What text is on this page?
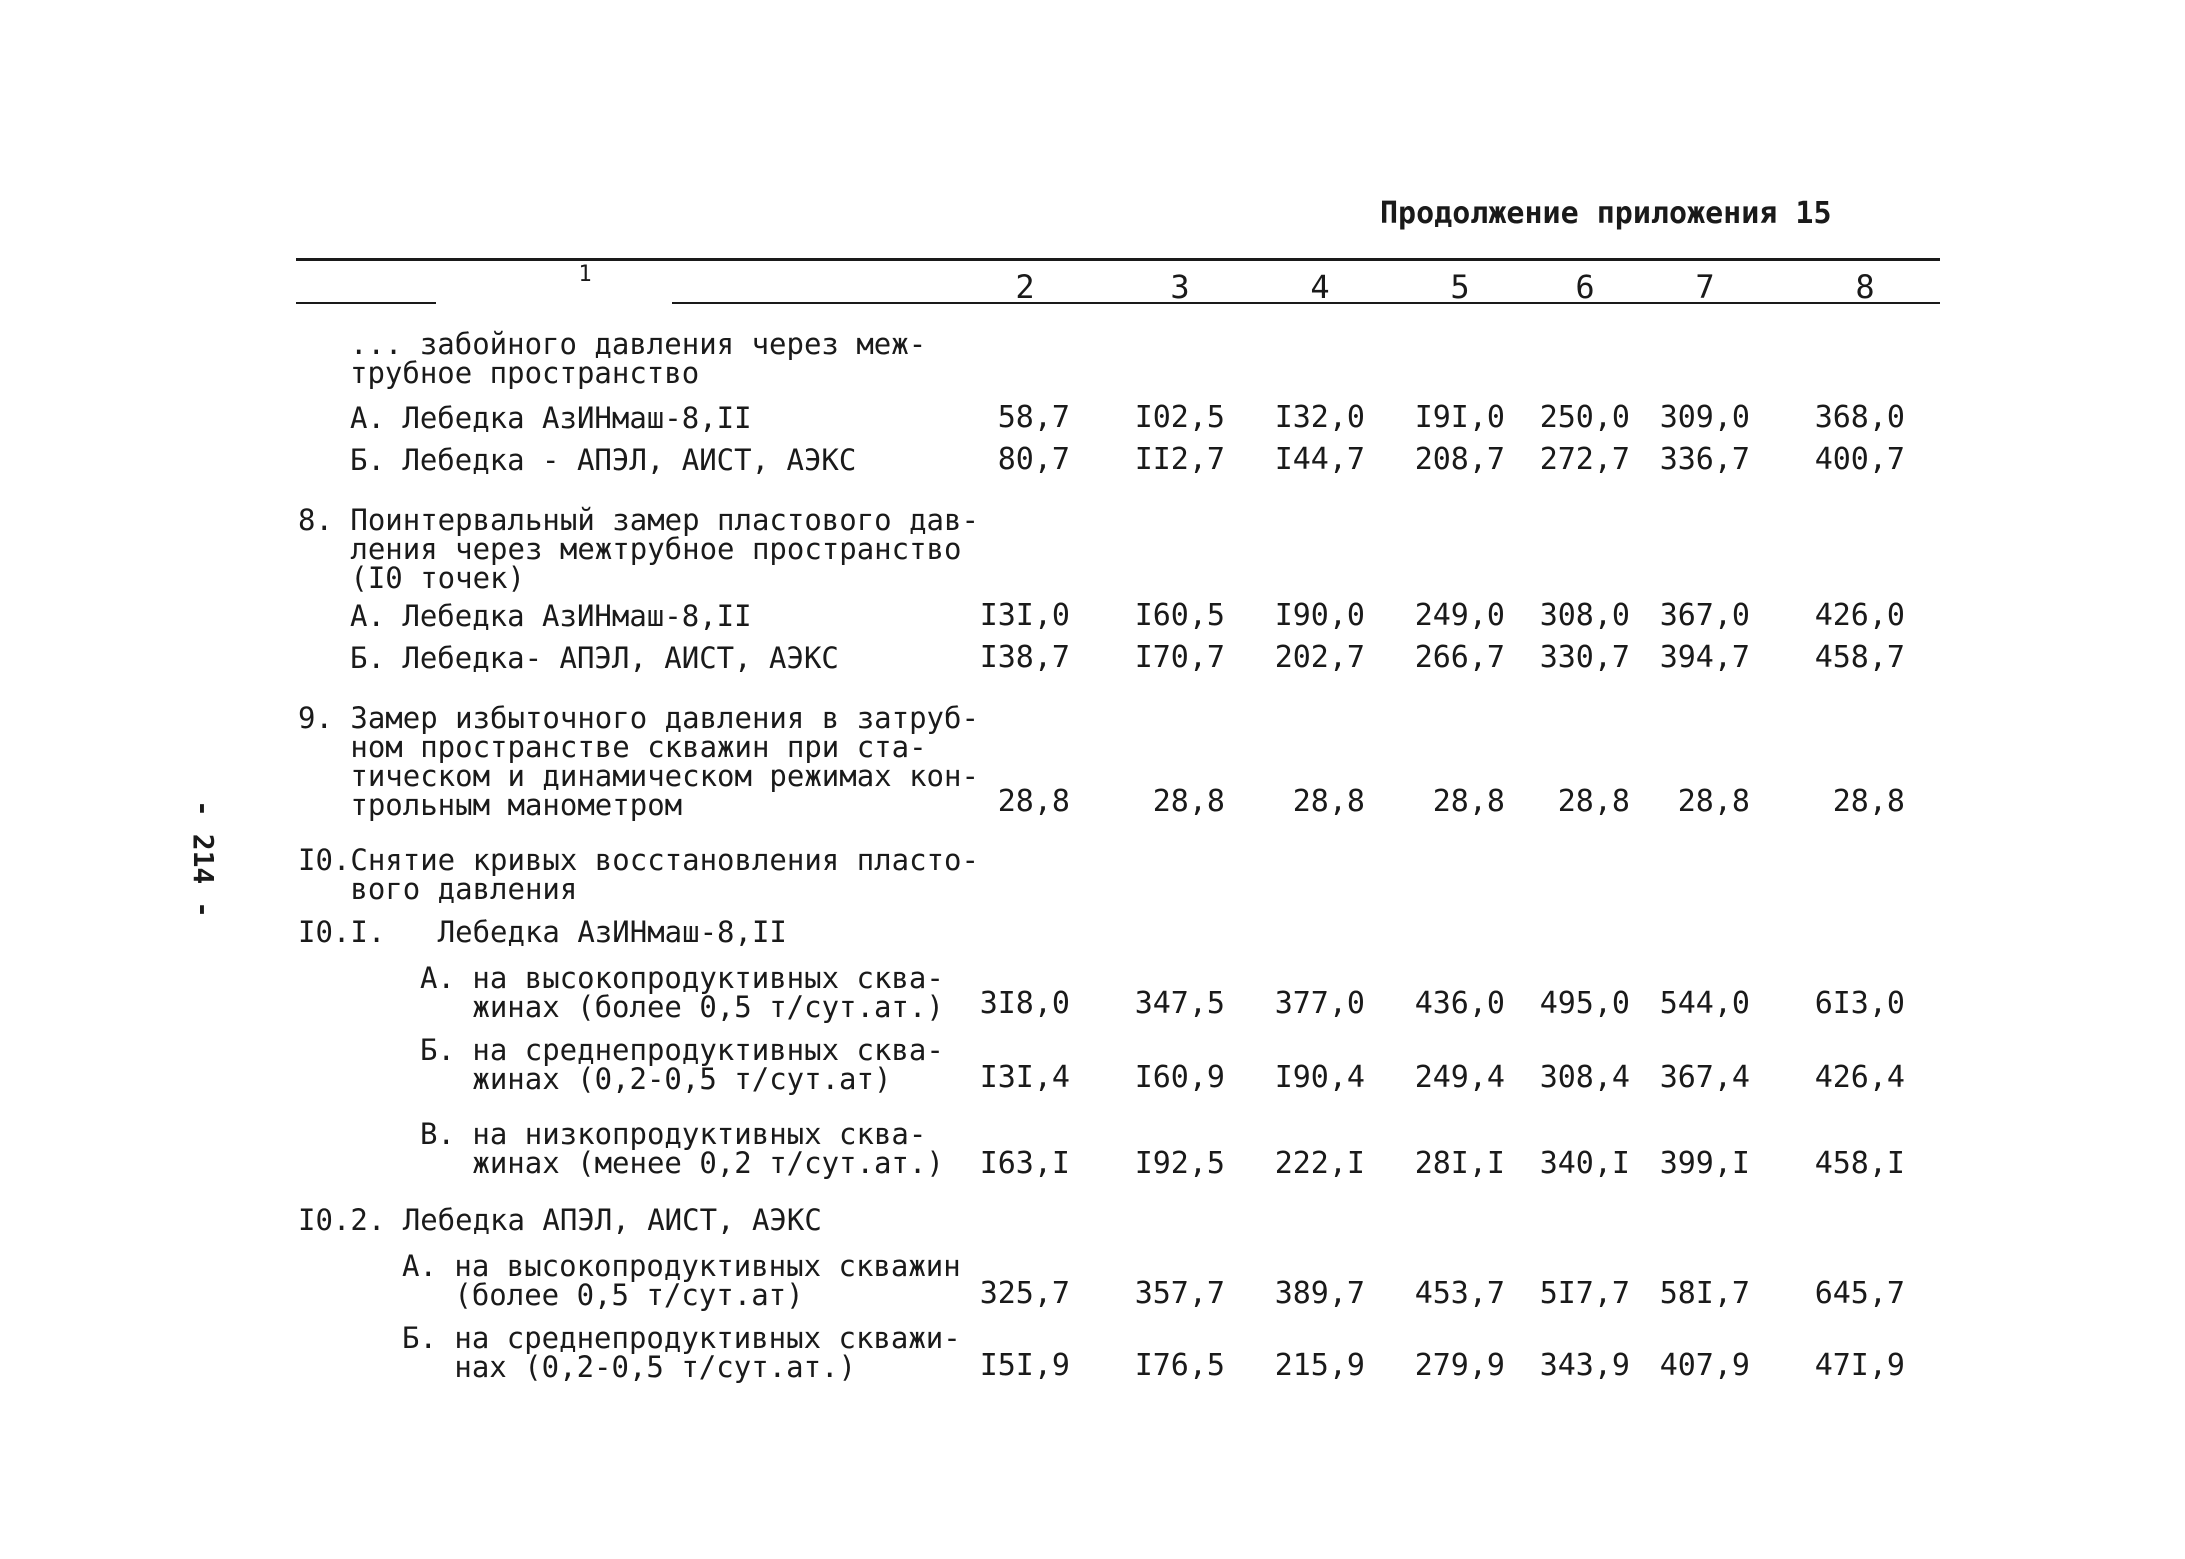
Продолжение приложения 15
- 214 -
1	2	3	4	5	6	7	8
... забойного давления через меж-
трубное пространство
А. Лебедка АзИНмаш-8,II	58,7	I02,5	I32,0	I9I,0	250,0 309,0	368,0
Б. Лебедка - АПЭЛ, АИСТ, АЭКС	80,7	II2,7	I44,7	208,7	272,7 336,7	400,7
8. Поинтервальный замер пластового дав-
ления через межтрубное пространство
(I0 точек)
А. Лебедка АзИНмаш-8,II	I3I,0	I60,5	I90,0	249,0	308,0 367,0	426,0
Б. Лебедка- АПЭЛ, АИСТ, АЭКС	I38,7	I70,7	202,7	266,7	330,7 394,7	458,7
9. Замер избыточного давления в затруб-
ном пространстве скважин при ста-
тическом и динамическом режимах кон-
трольным манометром	28,8	28,8	28,8	28,8	28,8	28,8	28,8
I0.Снятие кривых восстановления пласто-
вого давления
I0.I.   Лебедка АзИНмаш-8,II
А. на высокопродуктивных сква-
жинах (более 0,5 т/сут.ат.)	3I8,0	347,5	377,0	436,0	495,0 544,0	6I3,0
Б. на среднепродуктивных сква-
жинах (0,2-0,5 т/сут.ат)	I3I,4	I60,9	I90,4	249,4	308,4 367,4	426,4
В. на низкопродуктивных сква-
жинах (менее 0,2 т/сут.ат.)	I63,I	I92,5	222,I	28I,I	340,I 399,I	458,I
I0.2. Лебедка АПЭЛ, АИСТ, АЭКС
А. на высокопродуктивных скважин
(более 0,5 т/сут.ат)	325,7	357,7	389,7	453,7	5I7,7 58I,7	645,7
Б. на среднепродуктивных скважи-
нах (0,2-0,5 т/сут.ат.)	I5I,9	I76,5	215,9	279,9	343,9 407,9	47I,9
